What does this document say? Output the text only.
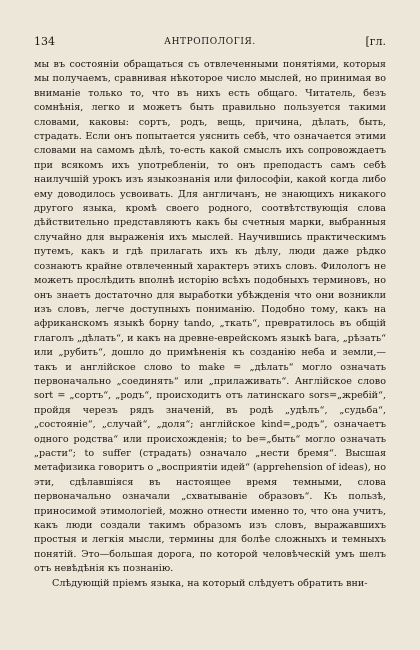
134	АНТРОПОЛОГІЯ.	[гл.

мы въ состояніи обращаться съ отвлеченными понятіями, которыя мы получаемъ, сравнивая нѣкоторое число мыслей, но принимая во вниманіе только то, что въ нихъ есть общаго. Читатель, безъ сомнѣнія, легко и можетъ быть правильно пользуется такими словами, каковы: сортъ, родъ, вещь, причина, дѣлать, быть, страдать. Если онъ попытается уяснить себѣ, что означается этими словами на самомъ дѣлѣ, то-есть какой смыслъ ихъ сопровождаетъ при всякомъ ихъ употребленіи, то онъ преподастъ самъ себѣ наилучшій урокъ изъ языкознанія или философіи, какой когда либо ему доводилось усвоивать. Для англичанъ, не знающихъ никакого другого языка, кромѣ своего родного, соотвѣтствующія слова дѣйствительно представляютъ какъ бы счетныя марки, выбранныя случайно для выраженія ихъ мыслей. Научившись практическимъ путемъ, какъ и гдѣ прилагать ихъ къ дѣлу, люди даже рѣдко сознаютъ крайне отвлеченный характеръ этихъ словъ. Филологъ не можетъ прослѣдить вполнѣ исторію всѣхъ подобныхъ терминовъ, но онъ знаетъ достаточно для выработки убѣжденія что они возникли изъ словъ, легче доступныхъ пониманію. Подобно тому, какъ на африканскомъ языкѣ борну tando, „ткать“, превратилось въ общій глаголъ „дѣлать“, и какъ на древне-еврейскомъ языкѣ bara, „рѣзать“ или „рубить“, дошло до примѣненія къ созданію неба и земли,—такъ и англійское слово to make = „дѣлать“ могло означать первоначально „соединять“ или „прилаживать“. Англійское слово sort = „сортъ“, „родъ“, происходитъ отъ латинскаго sors=„жребій“, пройдя черезъ рядъ значеній, въ родѣ „удѣлъ“, „судьба“, „состояніе“, „случай“, „доля“; англійское kind=„родъ“, означаетъ одного родства“ или происхожденія; to be=„быть“ могло означать „расти“; to suffer (страдать) означало „нести бремя“. Высшая метафизика говоритъ о „восприятіи идей“ (apprehension of ideas), но эти, сдѣлавшіяся въ настоящее время темными, слова первоначально означали „схватываніе образовъ“. Къ пользѣ, приносимой этимологіей, можно отнести именно то, что она учитъ, какъ люди создали такимъ образомъ изъ словъ, выражавшихъ простыя и легкія мысли, термины для болѣе сложныхъ и темныхъ понятій. Это—большая дорога, по которой человѣческій умъ шелъ отъ невѣдѣнія къ познанію.

Слѣдующій пріемъ языка, на который слѣдуетъ обратить вни-
